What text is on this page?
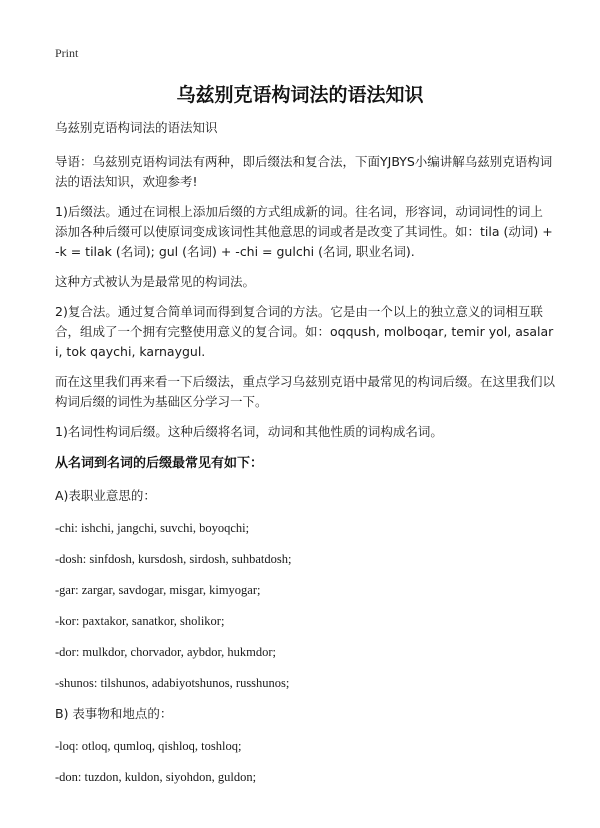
Print
乌兹别克语构词法的语法知识

乌兹别克语构词法的语法知识

导语：乌兹别克语构词法有两种，即后缀法和复合法，下面YJBYS小编讲解乌兹别克语构词法的语法知识，欢迎参考!

1)后缀法。通过在词根上添加后缀的方式组成新的词。往名词，形容词，动词词性的词上添加各种后缀可以使原词变成该词性其他意思的词或者是改变了其词性。如：tila (动词) + -k = tilak (名词); gul (名词) + -chi = gulchi (名词, 职业名词).

这种方式被认为是最常见的构词法。

2)复合法。通过复合简单词而得到复合词的方法。它是由一个以上的独立意义的词相互联合，组成了一个拥有完整使用意义的复合词。如：oqqush, molboqar, temir yol, asalari, tok qaychi, karnaygul.

而在这里我们再来看一下后缀法，重点学习乌兹别克语中最常见的构词后缀。在这里我们以构词后缀的词性为基础区分学习一下。

1)名词性构词后缀。这种后缀将名词，动词和其他性质的词构成名词。

从名词到名词的后缀最常见有如下：

A)表职业意思的：

-chi: ishchi, jangchi, suvchi, boyoqchi;

-dosh: sinfdosh, kursdosh, sirdosh, suhbatdosh;

-gar: zargar, savdogar, misgar, kimyogar;

-kor: paxtakor, sanatkor, sholikor;

-dor: mulkdor, chorvador, aybdor, hukmdor;

-shunos: tilshunos, adabiyotshunos, russhunos;

B) 表事物和地点的：

-loq: otloq, qumloq, qishloq, toshloq;

-don: tuzdon, kuldon, siyohdon, guldon;
